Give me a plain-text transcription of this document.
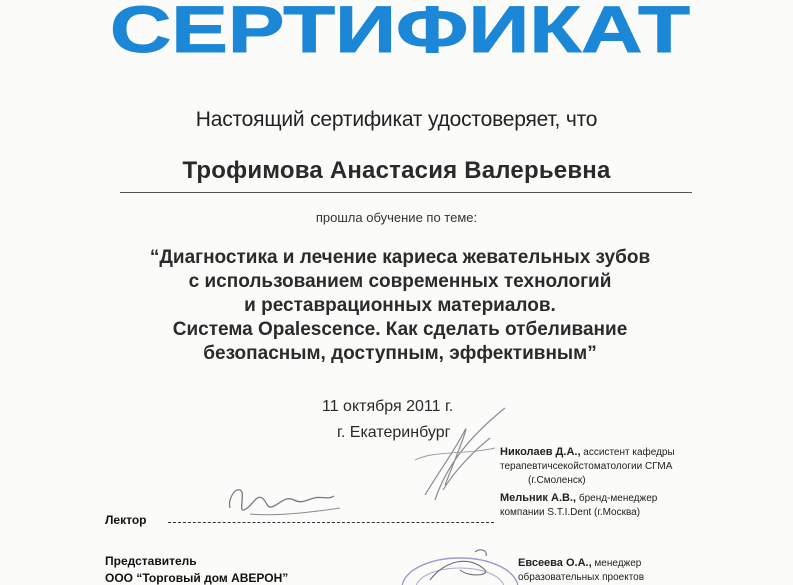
СЕРТИФИКАТ
Настоящий сертификат удостоверяет, что
Трофимова Анастасия Валерьевна
прошла обучение по теме:
“Диагностика и лечение кариеса жевательных зубов
с использованием современных технологий
и реставрационных материалов.
Система Opalescence. Как сделать отбеливание
безопасным, доступным, эффективным”
11 октября 2011 г.
г. Екатеринбург
Николаев Д.А., ассистент кафедры
терапевтичсекойстоматологии СГМА
(г.Смоленск)
Мельник А.В., бренд-менеджер
компании S.T.I.Dent (г.Москва)
Евсеева О.А., менеджер
образовательных проектов
Лектор
Представитель
ООО “Торговый дом АВЕРОН”
